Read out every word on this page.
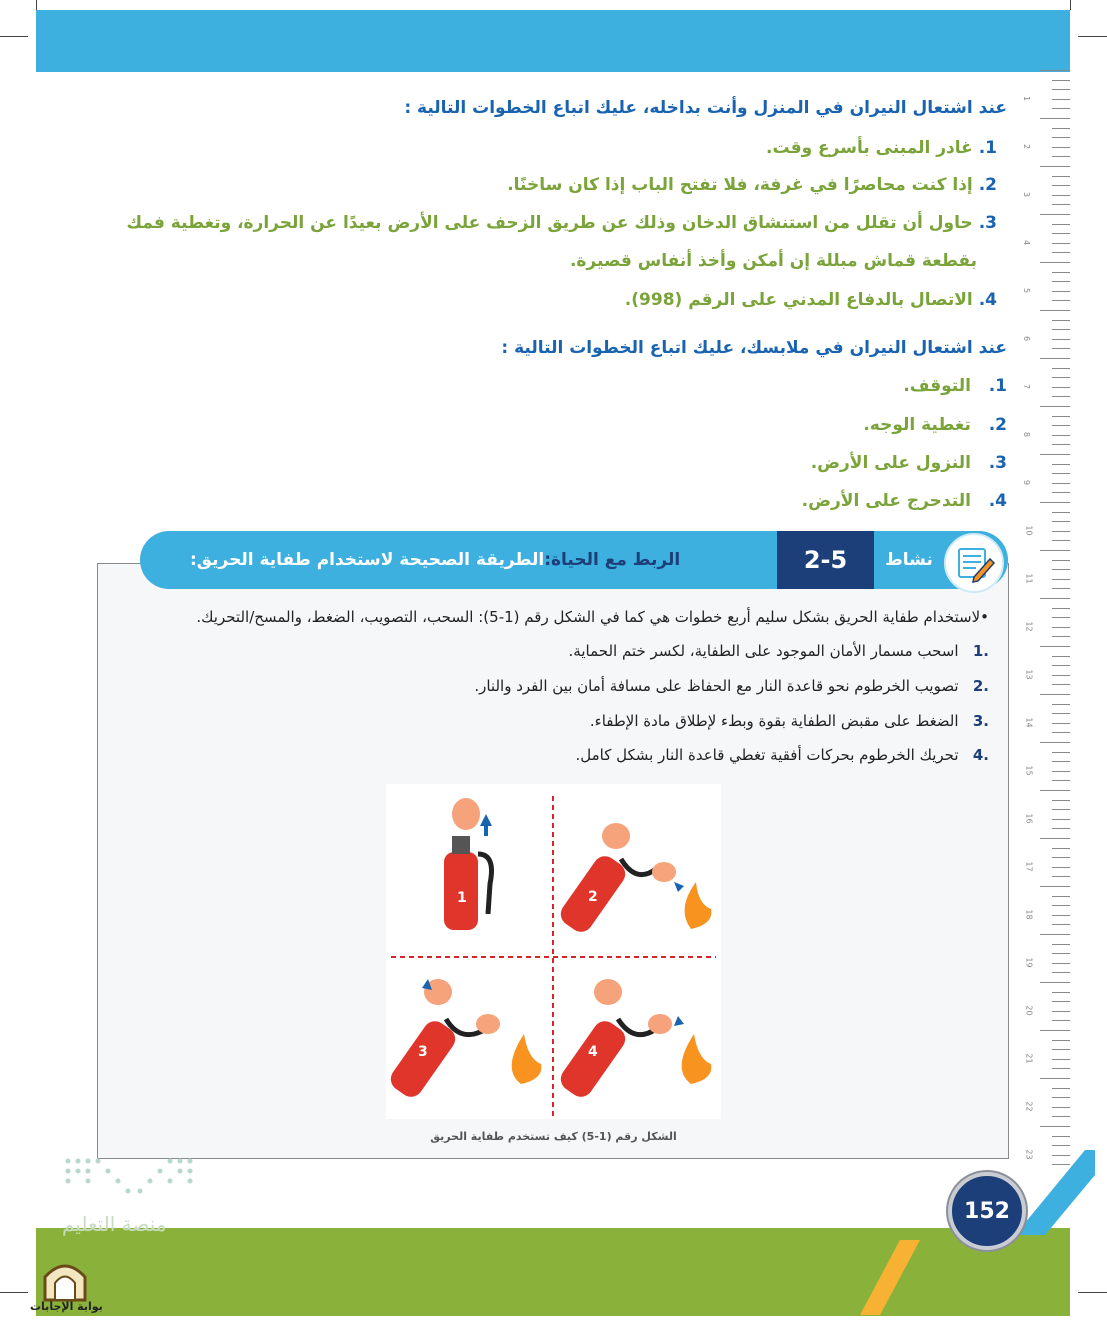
1
2
3
4
5
6
7
8
9
10
11
12
13
14
15
16
17
18
19
20
21
22
23
عند اشتعال النيران في المنزل وأنت بداخله، عليك اتباع الخطوات التالية :
1. غادر المبنى بأسرع وقت.
2. إذا كنت محاصرًا في غرفة، فلا تفتح الباب إذا كان ساخنًا.
3. حاول أن تقلل من استنشاق الدخان وذلك عن طريق الزحف على الأرض بعيدًا عن الحرارة، وتغطية فمك
بقطعة قماش مبللة إن أمكن وأخذ أنفاس قصيرة.
4. الاتصال بالدفاع المدني على الرقم (998).
عند اشتعال النيران في ملابسك، عليك اتباع الخطوات التالية :
1.   التوقف.
2.   تغطية الوجه.
3.   النزول على الأرض.
4.   التدحرج على الأرض.
الربط مع الحياة:
الطريقة الصحيحة لاستخدام طفاية الحريق:	2-5	نشاط
•لاستخدام طفاية الحريق بشكل سليم أربع خطوات هي كما في الشكل رقم (1-5): السحب، التصويب، الضغط، والمسح/التحريك.
.1   اسحب مسمار الأمان الموجود على الطفاية، لكسر ختم الحماية.
.2   تصويب الخرطوم نحو قاعدة النار مع الحفاظ على مسافة أمان بين الفرد والنار.
.3   الضغط على مقبض الطفاية بقوة وبطء لإطلاق مادة الإطفاء.
.4   تحريك الخرطوم بحركات أفقية تغطي قاعدة النار بشكل كامل.
1	2
3	4
الشكل رقم (1-5) كيف تستخدم طفاية الحريق
152
منصة التعليم
بوابة الإجابات
